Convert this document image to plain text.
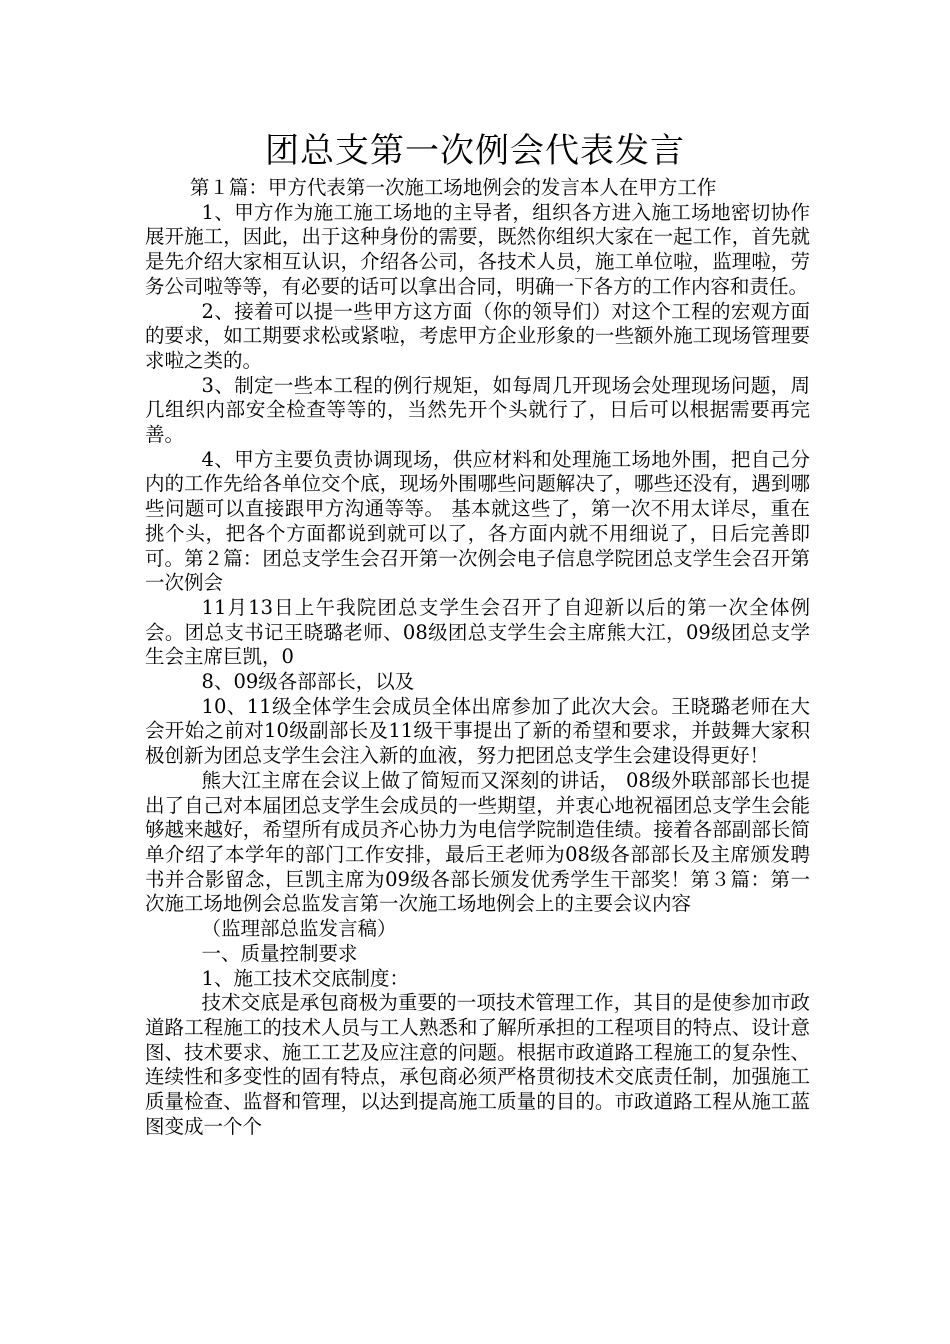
团总支第一次例会代表发言

第１篇：甲方代表第一次施工场地例会的发言本人在甲方工作

1、甲方作为施工施工场地的主导者，组织各方进入施工场地密切协作展开施工，因此，出于这种身份的需要，既然你组织大家在一起工作，首先就是先介绍大家相互认识，介绍各公司，各技术人员，施工单位啦，监理啦，劳务公司啦等等，有必要的话可以拿出合同，明确一下各方的工作内容和责任。

2、接着可以提一些甲方这方面（你的领导们）对这个工程的宏观方面的要求，如工期要求松或紧啦，考虑甲方企业形象的一些额外施工现场管理要求啦之类的。

3、制定一些本工程的例行规矩，如每周几开现场会处理现场问题，周几组织内部安全检查等等的，当然先开个头就行了，日后可以根据需要再完善。

4、甲方主要负责协调现场，供应材料和处理施工场地外围，把自己分内的工作先给各单位交个底，现场外围哪些问题解决了，哪些还没有，遇到哪些问题可以直接跟甲方沟通等等。 基本就这些了，第一次不用太详尽，重在挑个头，把各个方面都说到就可以了，各方面内就不用细说了，日后完善即可。第２篇：团总支学生会召开第一次例会电子信息学院团总支学生会召开第一次例会

11月13日上午我院团总支学生会召开了自迎新以后的第一次全体例会。团总支书记王晓璐老师、08级团总支学生会主席熊大江，09级团总支学生会主席巨凯，0

8、09级各部部长，以及

10、11级全体学生会成员全体出席参加了此次大会。王晓璐老师在大会开始之前对10级副部长及11级干事提出了新的希望和要求，并鼓舞大家积极创新为团总支学生会注入新的血液，努力把团总支学生会建设得更好！

熊大江主席在会议上做了简短而又深刻的讲话， 08级外联部部长也提出了自己对本届团总支学生会成员的一些期望，并衷心地祝福团总支学生会能够越来越好，希望所有成员齐心协力为电信学院制造佳绩。接着各部副部长简单介绍了本学年的部门工作安排，最后王老师为08级各部部长及主席颁发聘书并合影留念，巨凯主席为09级各部长颁发优秀学生干部奖！第３篇：第一次施工场地例会总监发言第一次施工场地例会上的主要会议内容

（监理部总监发言稿）

一、质量控制要求

1、施工技术交底制度：

技术交底是承包商极为重要的一项技术管理工作，其目的是使参加市政道路工程施工的技术人员与工人熟悉和了解所承担的工程项目的特点、设计意图、技术要求、施工工艺及应注意的问题。根据市政道路工程施工的复杂性、连续性和多变性的固有特点，承包商必须严格贯彻技术交底责任制，加强施工质量检查、监督和管理，以达到提高施工质量的目的。市政道路工程从施工蓝图变成一个个
